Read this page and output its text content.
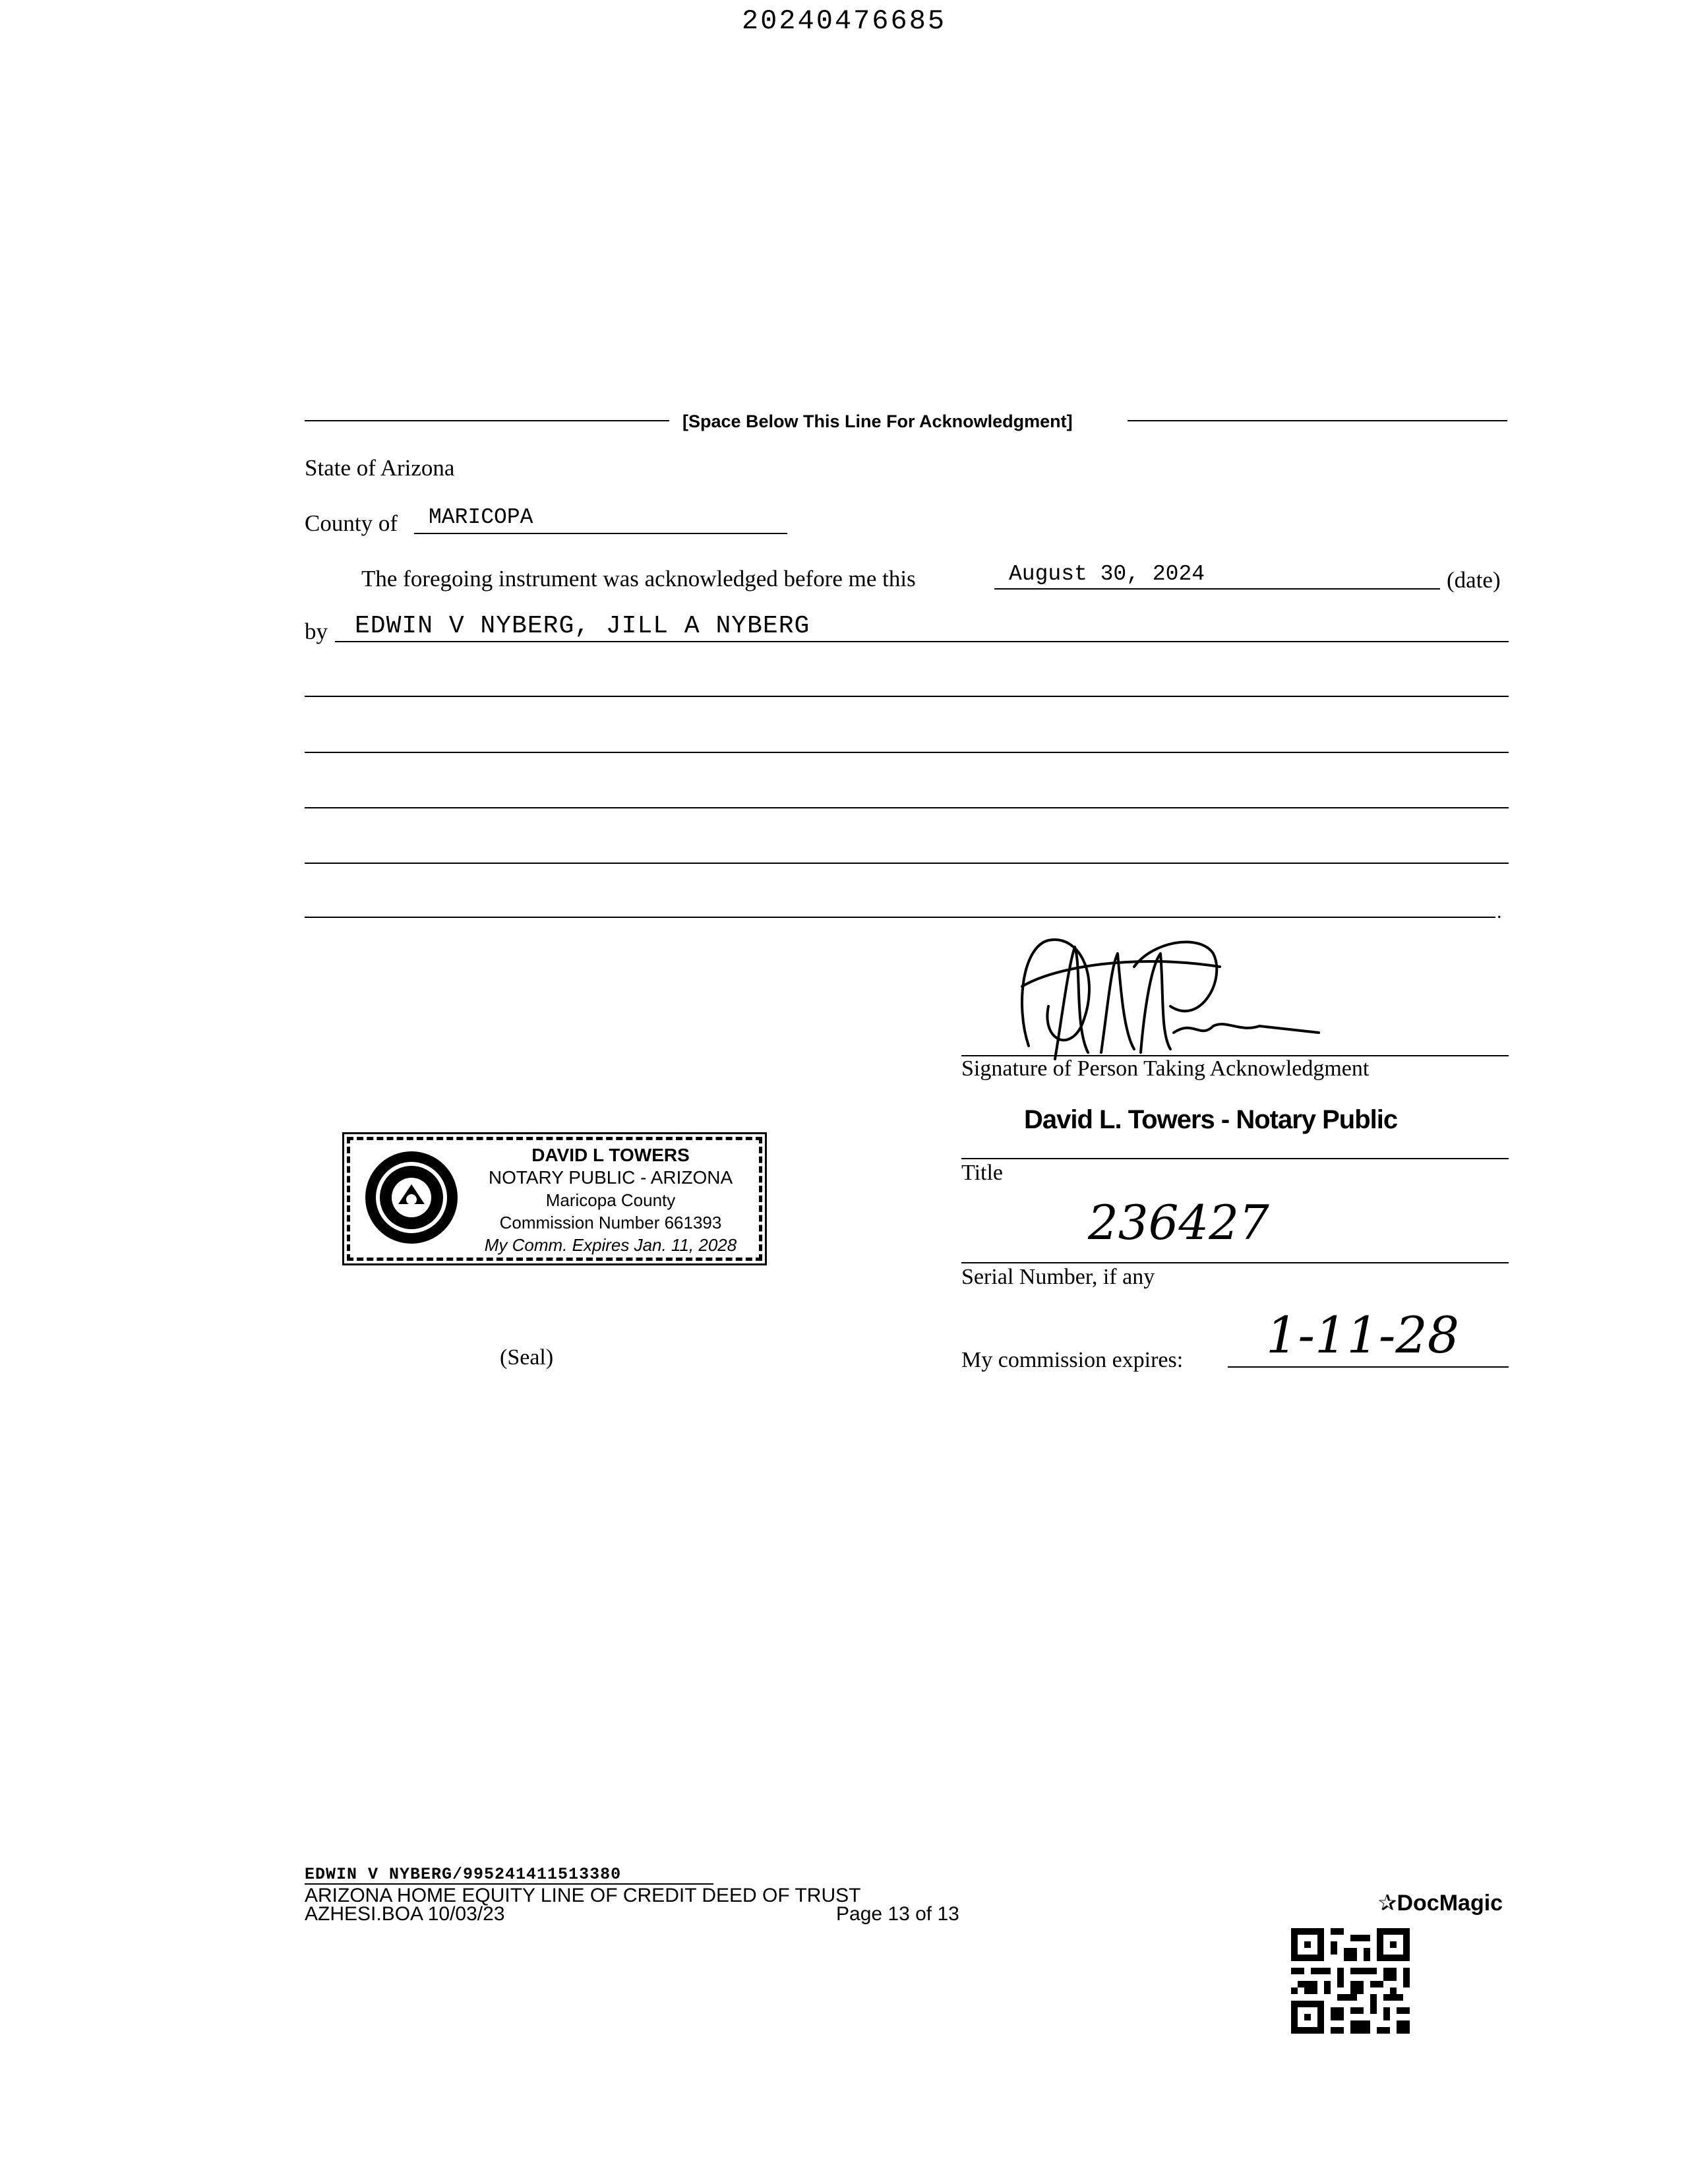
20240476685
[Space Below This Line For Acknowledgment]
State of Arizona
County of MARICOPA
The foregoing instrument was acknowledged before me this	August 30, 2024	(date)
by EDWIN V NYBERG, JILL A NYBERG
.
Signature of Person Taking Acknowledgment
David L. Towers - Notary Public
Title
236427
Serial Number, if any
My commission expires: 1-11-28
DAVID L TOWERS
NOTARY PUBLIC - ARIZONA
Maricopa County
Commission Number 661393
My Comm. Expires Jan. 11, 2028
(Seal)
EDWIN V NYBERG/995241411513380
ARIZONA HOME EQUITY LINE OF CREDIT DEED OF TRUST
AZHESI.BOA 10/03/23	Page 13 of 13	✰DocMagic
